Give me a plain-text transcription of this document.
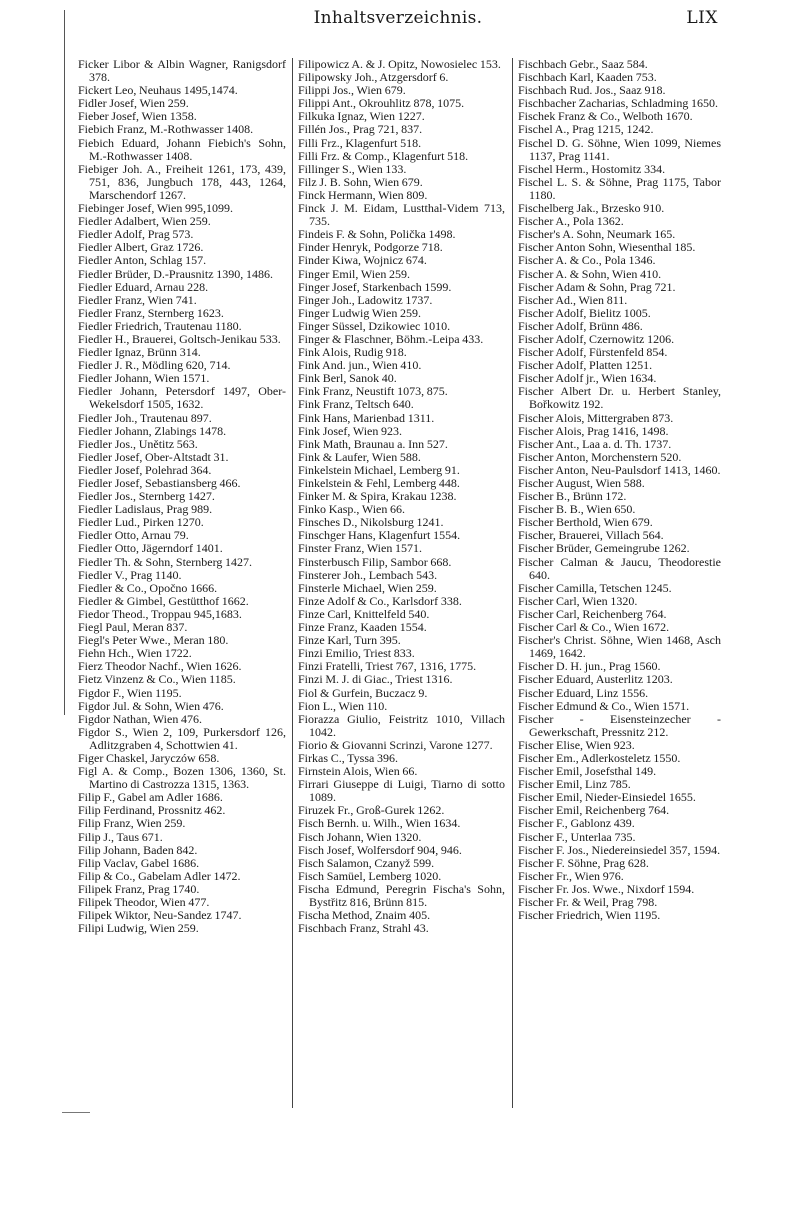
Inhaltsverzeichnis.	LIX
Ficker Libor & Albin Wagner, Ranigsdorf 378.
Fickert Leo, Neuhaus 1495,1474.
Fidler Josef, Wien 259.
Fieber Josef, Wien 1358.
Fiebich Franz, M.-Rothwasser 1408.
Fiebich Eduard, Johann Fiebich's Sohn, M.-Rothwasser 1408.
Fiebiger Joh. A., Freiheit 1261, 173, 439, 751, 836, Jungbuch 178, 443, 1264, Marschendorf 1267.
Fiebinger Josef, Wien 995,1099.
Fiedler Adalbert, Wien 259.
Fiedler Adolf, Prag 573.
Fiedler Albert, Graz 1726.
Fiedler Anton, Schlag 157.
Fiedler Brüder, D.-Prausnitz 1390, 1486.
Fiedler Eduard, Arnau 228.
Fiedler Franz, Wien 741.
Fiedler Franz, Sternberg 1623.
Fiedler Friedrich, Trautenau 1180.
Fiedler H., Brauerei, Goltsch-Jenikau 533.
Fiedler Ignaz, Brünn 314.
Fiedler J. R., Mödling 620, 714.
Fiedler Johann, Wien 1571.
Fiedler Johann, Petersdorf 1497, Ober-Wekelsdorf 1505, 1632.
Fiedler Joh., Trautenau 897.
Fiedler Johann, Zlabings 1478.
Fiedler Jos., Unětitz 563.
Fiedler Josef, Ober-Altstadt 31.
Fiedler Josef, Polehrad 364.
Fiedler Josef, Sebastiansberg 466.
Fiedler Jos., Sternberg 1427.
Fiedler Ladislaus, Prag 989.
Fiedler Lud., Pirken 1270.
Fiedler Otto, Arnau 79.
Fiedler Otto, Jägerndorf 1401.
Fiedler Th. & Sohn, Sternberg 1427.
Fiedler V., Prag 1140.
Fiedler & Co., Opočno 1666.
Fiedler & Gimbel, Gestütthof 1662.
Fiedor Theod., Troppau 945,1683.
Fiegl Paul, Meran 837.
Fiegl's Peter Wwe., Meran 180.
Fiehn Hch., Wien 1722.
Fierz Theodor Nachf., Wien 1626.
Fietz Vinzenz & Co., Wien 1185.
Figdor F., Wien 1195.
Figdor Jul. & Sohn, Wien 476.
Figdor Nathan, Wien 476.
Figdor S., Wien 2, 109, Purkersdorf 126, Adlitzgraben 4, Schottwien 41.
Figer Chaskel, Jaryczów 658.
Figl A. & Comp., Bozen 1306, 1360, St. Martino di Castrozza 1315, 1363.
Filip F., Gabel am Adler 1686.
Filip Ferdinand, Prossnitz 462.
Filip Franz, Wien 259.
Filip J., Taus 671.
Filip Johann, Baden 842.
Filip Vaclav, Gabel 1686.
Filip & Co., Gabelam Adler 1472.
Filipek Franz, Prag 1740.
Filipek Theodor, Wien 477.
Filipek Wiktor, Neu-Sandez 1747.
Filipi Ludwig, Wien 259.
Filipowicz A. & J. Opitz, Nowosielec 153.
Filipowsky Joh., Atzgersdorf 6.
Filippi Jos., Wien 679.
Filippi Ant., Okrouhlitz 878, 1075.
Filkuka Ignaz, Wien 1227.
Fillén Jos., Prag 721, 837.
Filli Frz., Klagenfurt 518.
Filli Frz. & Comp., Klagenfurt 518.
Fillinger S., Wien 133.
Filz J. B. Sohn, Wien 679.
Finck Hermann, Wien 809.
Finck J. M. Eidam, Lustthal-Videm 713, 735.
Findeis F. & Sohn, Polička 1498.
Finder Henryk, Podgorze 718.
Finder Kiwa, Wojnicz 674.
Finger Emil, Wien 259.
Finger Josef, Starkenbach 1599.
Finger Joh., Ladowitz 1737.
Finger Ludwig Wien 259.
Finger Süssel, Dzikowiec 1010.
Finger & Flaschner, Böhm.-Leipa 433.
Fink Alois, Rudig 918.
Fink And. jun., Wien 410.
Fink Berl, Sanok 40.
Fink Franz, Neustift 1073, 875.
Fink Franz, Teltsch 640.
Fink Hans, Marienbad 1311.
Fink Josef, Wien 923.
Fink Math, Braunau a. Inn 527.
Fink & Laufer, Wien 588.
Finkelstein Michael, Lemberg 91.
Finkelstein & Fehl, Lemberg 448.
Finker M. & Spira, Krakau 1238.
Finko Kasp., Wien 66.
Finsches D., Nikolsburg 1241.
Finschger Hans, Klagenfurt 1554.
Finster Franz, Wien 1571.
Finsterbusch Filip, Sambor 668.
Finsterer Joh., Lembach 543.
Finsterle Michael, Wien 259.
Finze Adolf & Co., Karlsdorf 338.
Finze Carl, Knittelfeld 540.
Finze Franz, Kaaden 1554.
Finze Karl, Turn 395.
Finzi Emilio, Triest 833.
Finzi Fratelli, Triest 767, 1316, 1775.
Finzi M. J. di Giac., Triest 1316.
Fiol & Gurfein, Buczacz 9.
Fion L., Wien 110.
Fiorazza Giulio, Feistritz 1010, Villach 1042.
Fiorio & Giovanni Scrinzi, Varone 1277.
Firkas C., Tyssa 396.
Firnstein Alois, Wien 66.
Firrari Giuseppe di Luigi, Tiarno di sotto 1089.
Firuzek Fr., Groß-Gurek 1262.
Fisch Bernh. u. Wilh., Wien 1634.
Fisch Johann, Wien 1320.
Fisch Josef, Wolfersdorf 904, 946.
Fisch Salamon, Czanyž 599.
Fisch Samüel, Lemberg 1020.
Fischa Edmund, Peregrin Fischa's Sohn, Bystřitz 816, Brünn 815.
Fischa Method, Znaim 405.
Fischbach Franz, Strahl 43.
Fischbach Gebr., Saaz 584.
Fischbach Karl, Kaaden 753.
Fischbach Rud. Jos., Saaz 918.
Fischbacher Zacharias, Schladming 1650.
Fischek Franz & Co., Welboth 1670.
Fischel A., Prag 1215, 1242.
Fischel D. G. Söhne, Wien 1099, Niemes 1137, Prag 1141.
Fischel Herm., Hostomitz 334.
Fischel L. S. & Söhne, Prag 1175, Tabor 1180.
Fischelberg Jak., Brzesko 910.
Fischer A., Pola 1362.
Fischer's A. Sohn, Neumark 165.
Fischer Anton Sohn, Wiesenthal 185.
Fischer A. & Co., Pola 1346.
Fischer A. & Sohn, Wien 410.
Fischer Adam & Sohn, Prag 721.
Fischer Ad., Wien 811.
Fischer Adolf, Bielitz 1005.
Fischer Adolf, Brünn 486.
Fischer Adolf, Czernowitz 1206.
Fischer Adolf, Fürstenfeld 854.
Fischer Adolf, Platten 1251.
Fischer Adolf jr., Wien 1634.
Fischer Albert Dr. u. Herbert Stanley, Bořkowitz 192.
Fischer Alois, Mittergraben 873.
Fischer Alois, Prag 1416, 1498.
Fischer Ant., Laa a. d. Th. 1737.
Fischer Anton, Morchenstern 520.
Fischer Anton, Neu-Paulsdorf 1413, 1460.
Fischer August, Wien 588.
Fischer B., Brünn 172.
Fischer B. B., Wien 650.
Fischer Berthold, Wien 679.
Fischer, Brauerei, Villach 564.
Fischer Brüder, Gemeingrube 1262.
Fischer Calman & Jaucu, Theodorestie 640.
Fischer Camilla, Tetschen 1245.
Fischer Carl, Wien 1320.
Fischer Carl, Reichenberg 764.
Fischer Carl & Co., Wien 1672.
Fischer's Christ. Söhne, Wien 1468, Asch 1469, 1642.
Fischer D. H. jun., Prag 1560.
Fischer Eduard, Austerlitz 1203.
Fischer Eduard, Linz 1556.
Fischer Edmund & Co., Wien 1571.
Fischer - Eisensteinzecher - Gewerkschaft, Pressnitz 212.
Fischer Elise, Wien 923.
Fischer Em., Adlerkosteletz 1550.
Fischer Emil, Josefsthal 149.
Fischer Emil, Linz 785.
Fischer Emil, Nieder-Einsiedel 1655.
Fischer Emil, Reichenberg 764.
Fischer F., Gablonz 439.
Fischer F., Unterlaa 735.
Fischer F. Jos., Niedereinsiedel 357, 1594.
Fischer F. Söhne, Prag 628.
Fischer Fr., Wien 976.
Fischer Fr. Jos. Wwe., Nixdorf 1594.
Fischer Fr. & Weil, Prag 798.
Fischer Friedrich, Wien 1195.
